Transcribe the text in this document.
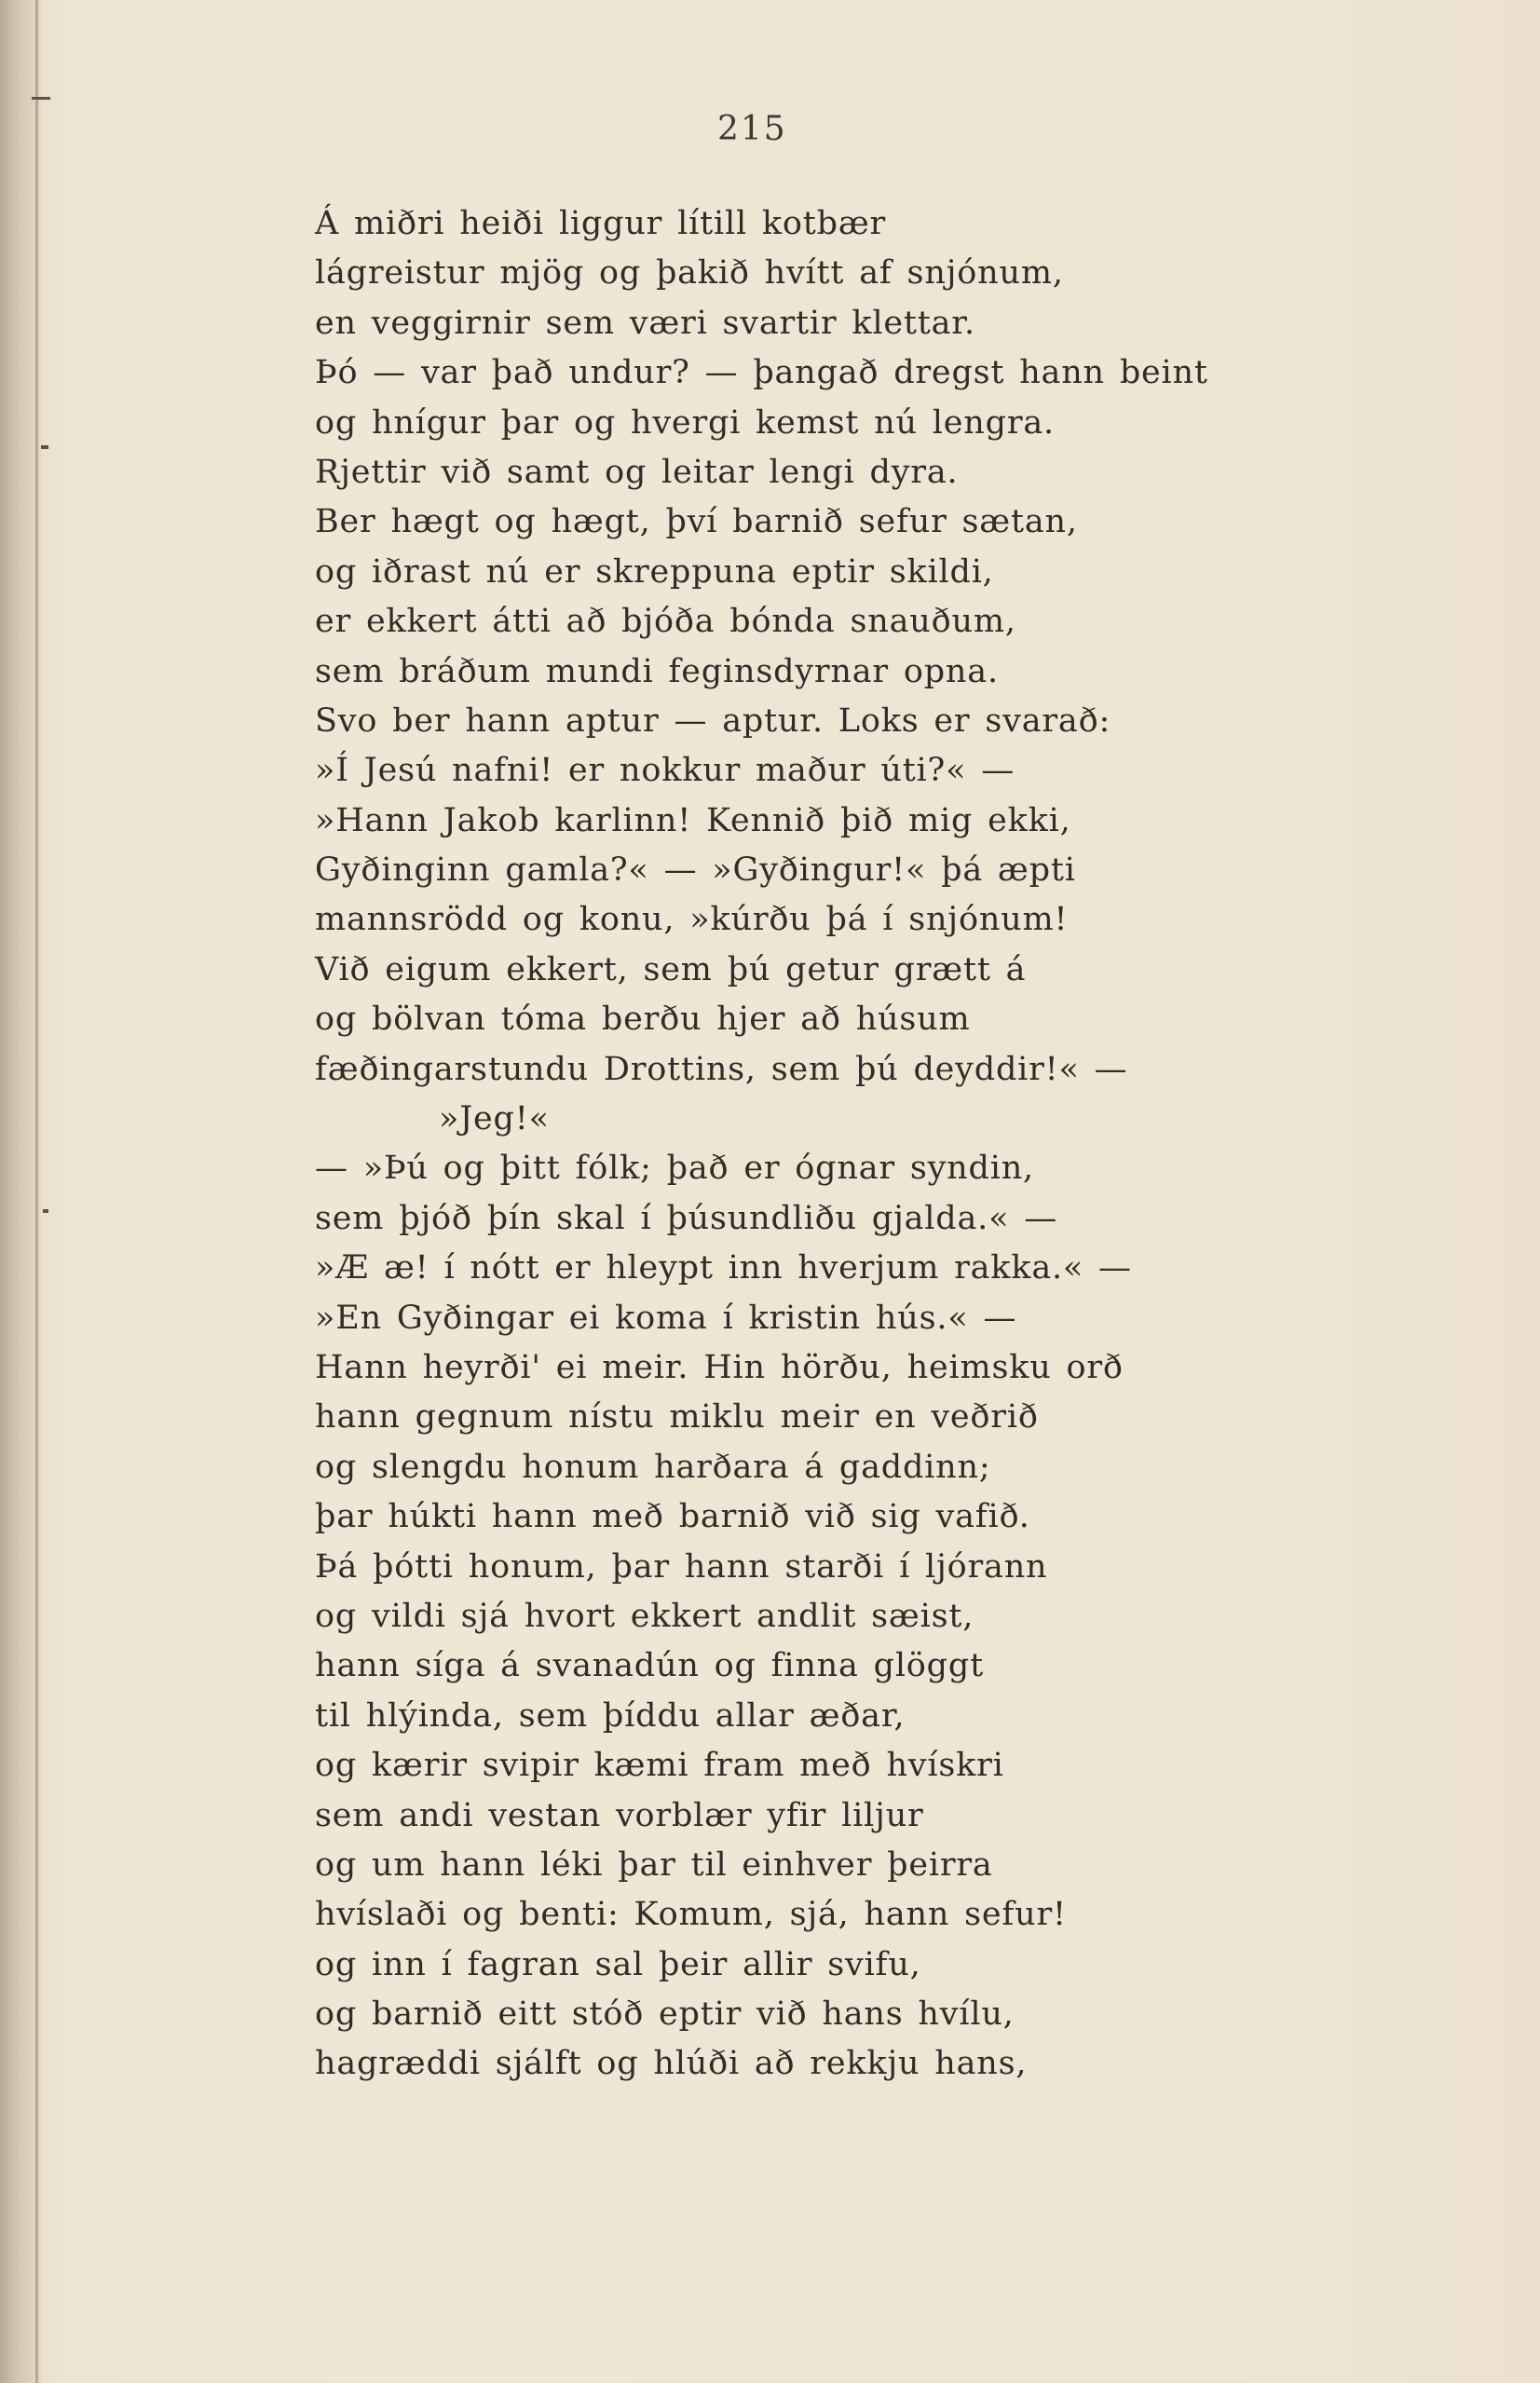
215

Á miðri heiði liggur lítill kotbær
lágreistur mjög og þakið hvítt af snjónum,
en veggirnir sem væri svartir klettar.
Þó — var það undur? — þangað dregst hann beint
og hnígur þar og hvergi kemst nú lengra.
Rjettir við samt og leitar lengi dyra.
Ber hægt og hægt, því barnið sefur sætan,
og iðrast nú er skreppuna eptir skildi,
er ekkert átti að bjóða bónda snauðum,
sem bráðum mundi feginsdyrnar opna.
Svo ber hann aptur — aptur. Loks er svarað:
»Í Jesú nafni! er nokkur maður úti?« —
»Hann Jakob karlinn! Kennið þið mig ekki,
Gyðinginn gamla?« — »Gyðingur!« þá æpti
mannsrödd og konu, »kúrðu þá í snjónum!
Við eigum ekkert, sem þú getur grætt á
og bölvan tóma berðu hjer að húsum
fæðingarstundu Drottins, sem þú deyddir!« —
»Jeg!«
— »Þú og þitt fólk; það er ógnar syndin,
sem þjóð þín skal í þúsundliðu gjalda.« —
»Æ æ! í nótt er hleypt inn hverjum rakka.« —
»En Gyðingar ei koma í kristin hús.« —
Hann heyrði' ei meir. Hin hörðu, heimsku orð
hann gegnum nístu miklu meir en veðrið
og slengdu honum harðara á gaddinn;
þar húkti hann með barnið við sig vafið.
Þá þótti honum, þar hann starði í ljórann
og vildi sjá hvort ekkert andlit sæist,
hann síga á svanadún og finna glöggt
til hlýinda, sem þíddu allar æðar,
og kærir svipir kæmi fram með hvískri
sem andi vestan vorblær yfir liljur
og um hann léki þar til einhver þeirra
hvíslaði og benti: Komum, sjá, hann sefur!
og inn í fagran sal þeir allir svifu,
og barnið eitt stóð eptir við hans hvílu,
hagræddi sjálft og hlúði að rekkju hans,
